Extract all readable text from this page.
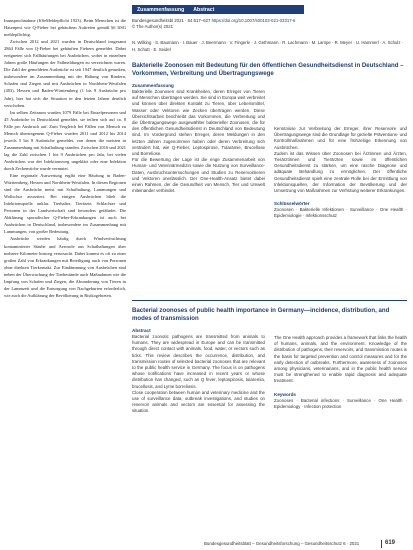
Inanspruchnahme (IfSeMeldepflicht 1923). Beim Menschen ist die Hasenpest wie Q-Fieber bei gehäuftem Auftreten gemäß §6 IfSG meldepflichtig.

Zwischen 2012 und 2021 wurden in Deutschland insgesamt 2864 Fälle von Q-Fieber bei gehäuften Fiebern gemeldet. Dabei ereigneten sich Fallhäufungen bei Ausbrüchen, wobei in einzelnen Jahren große Häufungen der Fallmeldungen zu verzeichnen waren. Die Zahl der gemeldeten Ausbrüche ist seit 1947 deutlich gesunken, insbesondere im Zusammenhang mit der Haltung von Rindern, Schafen und Ziegen und mit Ausbrüchen in Nordrhein-Westfalen (403), Hessen und Baden-Württemberg (1 bis 8 Ausbrüche pro Jahr), hier hat sich die Situation in den letzten Jahren deutlich verschoben.

Im selben Zeitraum wurden 1079 Fälle bei Einzelpersonen und 45 Ausbrüche in Deutschland gemeldet, sie teilten sich auf ca. 8 Fälle pro Ausbruch auf. Zum Vergleich bei Fällen von Mensch zu Mensch übertragenem Q-Fieber wurden 2011 und 2012 bis 2014 jeweils 5 bis 8 Ausbrüche gemeldet, von denen die meisten in Zusammenhang mit Schafhaltung standen. Zwischen 2016 und 2021 lag die Zahl zwischen 1 bis 9 Ausbrüchen pro Jahr, bei vielen Ausbrüchen war der Infektionsweg ungeklärt oder eine Infektion durch Zeckenstiche wurde vermutet.

Eine regionale Auswertung ergibt eine Häufung in Baden-Württemberg, Hessen und Nordrhein-Westfalen. In diesen Regionen sind die Ausbrüche meist mit Schafhaltung, Lammungen und Wollschur assoziiert. Bei einigen Ausbrüchen blieb die Infektionsquelle unklar. Tierhalter, Tierärzte, Schlachter und Personen in der Landwirtschaft sind besonders gefährdet. Die Abklärung sporadischer Q-Fieber-Erkrankungen ist auch bei Ausbrüchen in Deutschland, insbesondere im Zusammenhang mit Lammungen, von großer Bedeutung.

Ausbrüche werden häufig durch Windverfrachtung kontaminierter Stäube und Aerosole aus Schafhaltungen über mehrere Kilometer hinweg verursacht. Dabei kommt es oft zu einer großen Zahl von Erkrankungen mit Beteiligung auch von Personen ohne direkten Tierkontakt. Zur Eindämmung von Ausbrüchen sind neben der Überwachung der Tierbestände auch Maßnahmen wie die Impfung von Schafen und Ziegen, die Absonderung von Tieren in der Lammzeit und die Entsorgung von Nachgeburten erforderlich, wie auch die Aufklärung der Bevölkerung in Risikogebieten.

Zusammenfassung Abstract
Bundesgesundheitsbl 2021 · 64:617–627 https://doi.org/10.1007/s00103-021-03317-6
© The Author(s) 2021
N. Wilking · S. Baumann · I. Bauer · J. Beermann · V. Fingerle · J. Gethmann · R. Lachmann · M. Lampe · R. Meyer · U. Hammerl · A. Schulz · H. Schutt · E. Seidel
Bakterielle Zoonosen mit Bedeutung für den öffentlichen Gesundheitsdienst in Deutschland – Vorkommen, Verbreitung und Übertragungswege
Zusammenfassung

Bakterielle Zoonosen sind Krankheiten, deren Erreger von Tieren auf Menschen übertragen werden. Sie sind in Europa weit verbreitet und können über direkten Kontakt zu Tieren, über Lebensmittel, Wasser oder Vektoren wie Zecken übertragen werden. Diese Übersichtsarbeit beschreibt das Vorkommen, die Verbreitung und die Übertragungswege ausgewählter bakterieller Zoonosen, die für den öffentlichen Gesundheitsdienst in Deutschland von Bedeutung sind. Im Vordergrund stehen Erreger, deren Meldungen in den letzten Jahren zugenommen haben oder deren Verbreitung sich verändert hat, wie Q-Fieber, Leptospirose, Tularämie, Brucellose und Borreliose.

Für die Bewertung der Lage ist die enge Zusammenarbeit von Human- und Veterinärmedizin sowie die Nutzung von Surveillance-Daten, Ausbruchsuntersuchungen und Studien zu Reservoirtieren und Vektoren unerlässlich. Der One-Health-Ansatz bietet dabei einen Rahmen, der die Gesundheit von Mensch, Tier und Umwelt miteinander verbindet.

Kenntnisse zur Verbreitung der Erreger, ihrer Reservoire und Übertragungswege sind die Grundlage für gezielte Präventions- und Kontrollmaßnahmen und für eine frühzeitige Erkennung von Ausbrüchen.

Zudem ist das Wissen über Zoonosen bei Ärztinnen und Ärzten, Tierärztinnen und Tierärzten sowie im öffentlichen Gesundheitsdienst zu stärken, um eine rasche Diagnose und adäquate Behandlung zu ermöglichen. Der öffentliche Gesundheitsdienst spielt eine zentrale Rolle bei der Ermittlung von Infektionsquellen, der Information der Bevölkerung und der Umsetzung von Maßnahmen zur Verhütung weiterer Erkrankungen.

Schlüsselwörter

Zoonosen · Bakterielle Infektionen · Surveillance · One Health · Epidemiologie · Infektionsschutz

Bacterial zoonoses of public health importance in Germany—incidence, distribution, and modes of transmission
Abstract

Bacterial zoonotic pathogens are transmitted from animals to humans. They are widespread in Europe and can be transmitted through direct contact with animals, food, water, or vectors such as ticks. This review describes the occurrence, distribution, and transmission routes of selected bacterial zoonoses that are relevant to the public health service in Germany. The focus is on pathogens whose notifications have increased in recent years or whose distribution has changed, such as Q fever, leptospirosis, tularemia, brucellosis, and Lyme borreliosis.

Close cooperation between human and veterinary medicine and the use of surveillance data, outbreak investigations, and studies on reservoir animals and vectors are essential for assessing the situation.

The One Health approach provides a framework that links the health of humans, animals, and the environment. Knowledge of the distribution of pathogens, their reservoirs, and transmission routes is the basis for targeted prevention and control measures and for the early detection of outbreaks. Furthermore, awareness of zoonoses among physicians, veterinarians, and in the public health service must be strengthened to enable rapid diagnosis and adequate treatment.

Keywords

Zoonoses · Bacterial infections · Surveillance · One Health · Epidemiology · Infection protection

Bundesgesundheitsblatt – Gesundheitsforschung – Gesundheitsschutz 6 · 2021	619
